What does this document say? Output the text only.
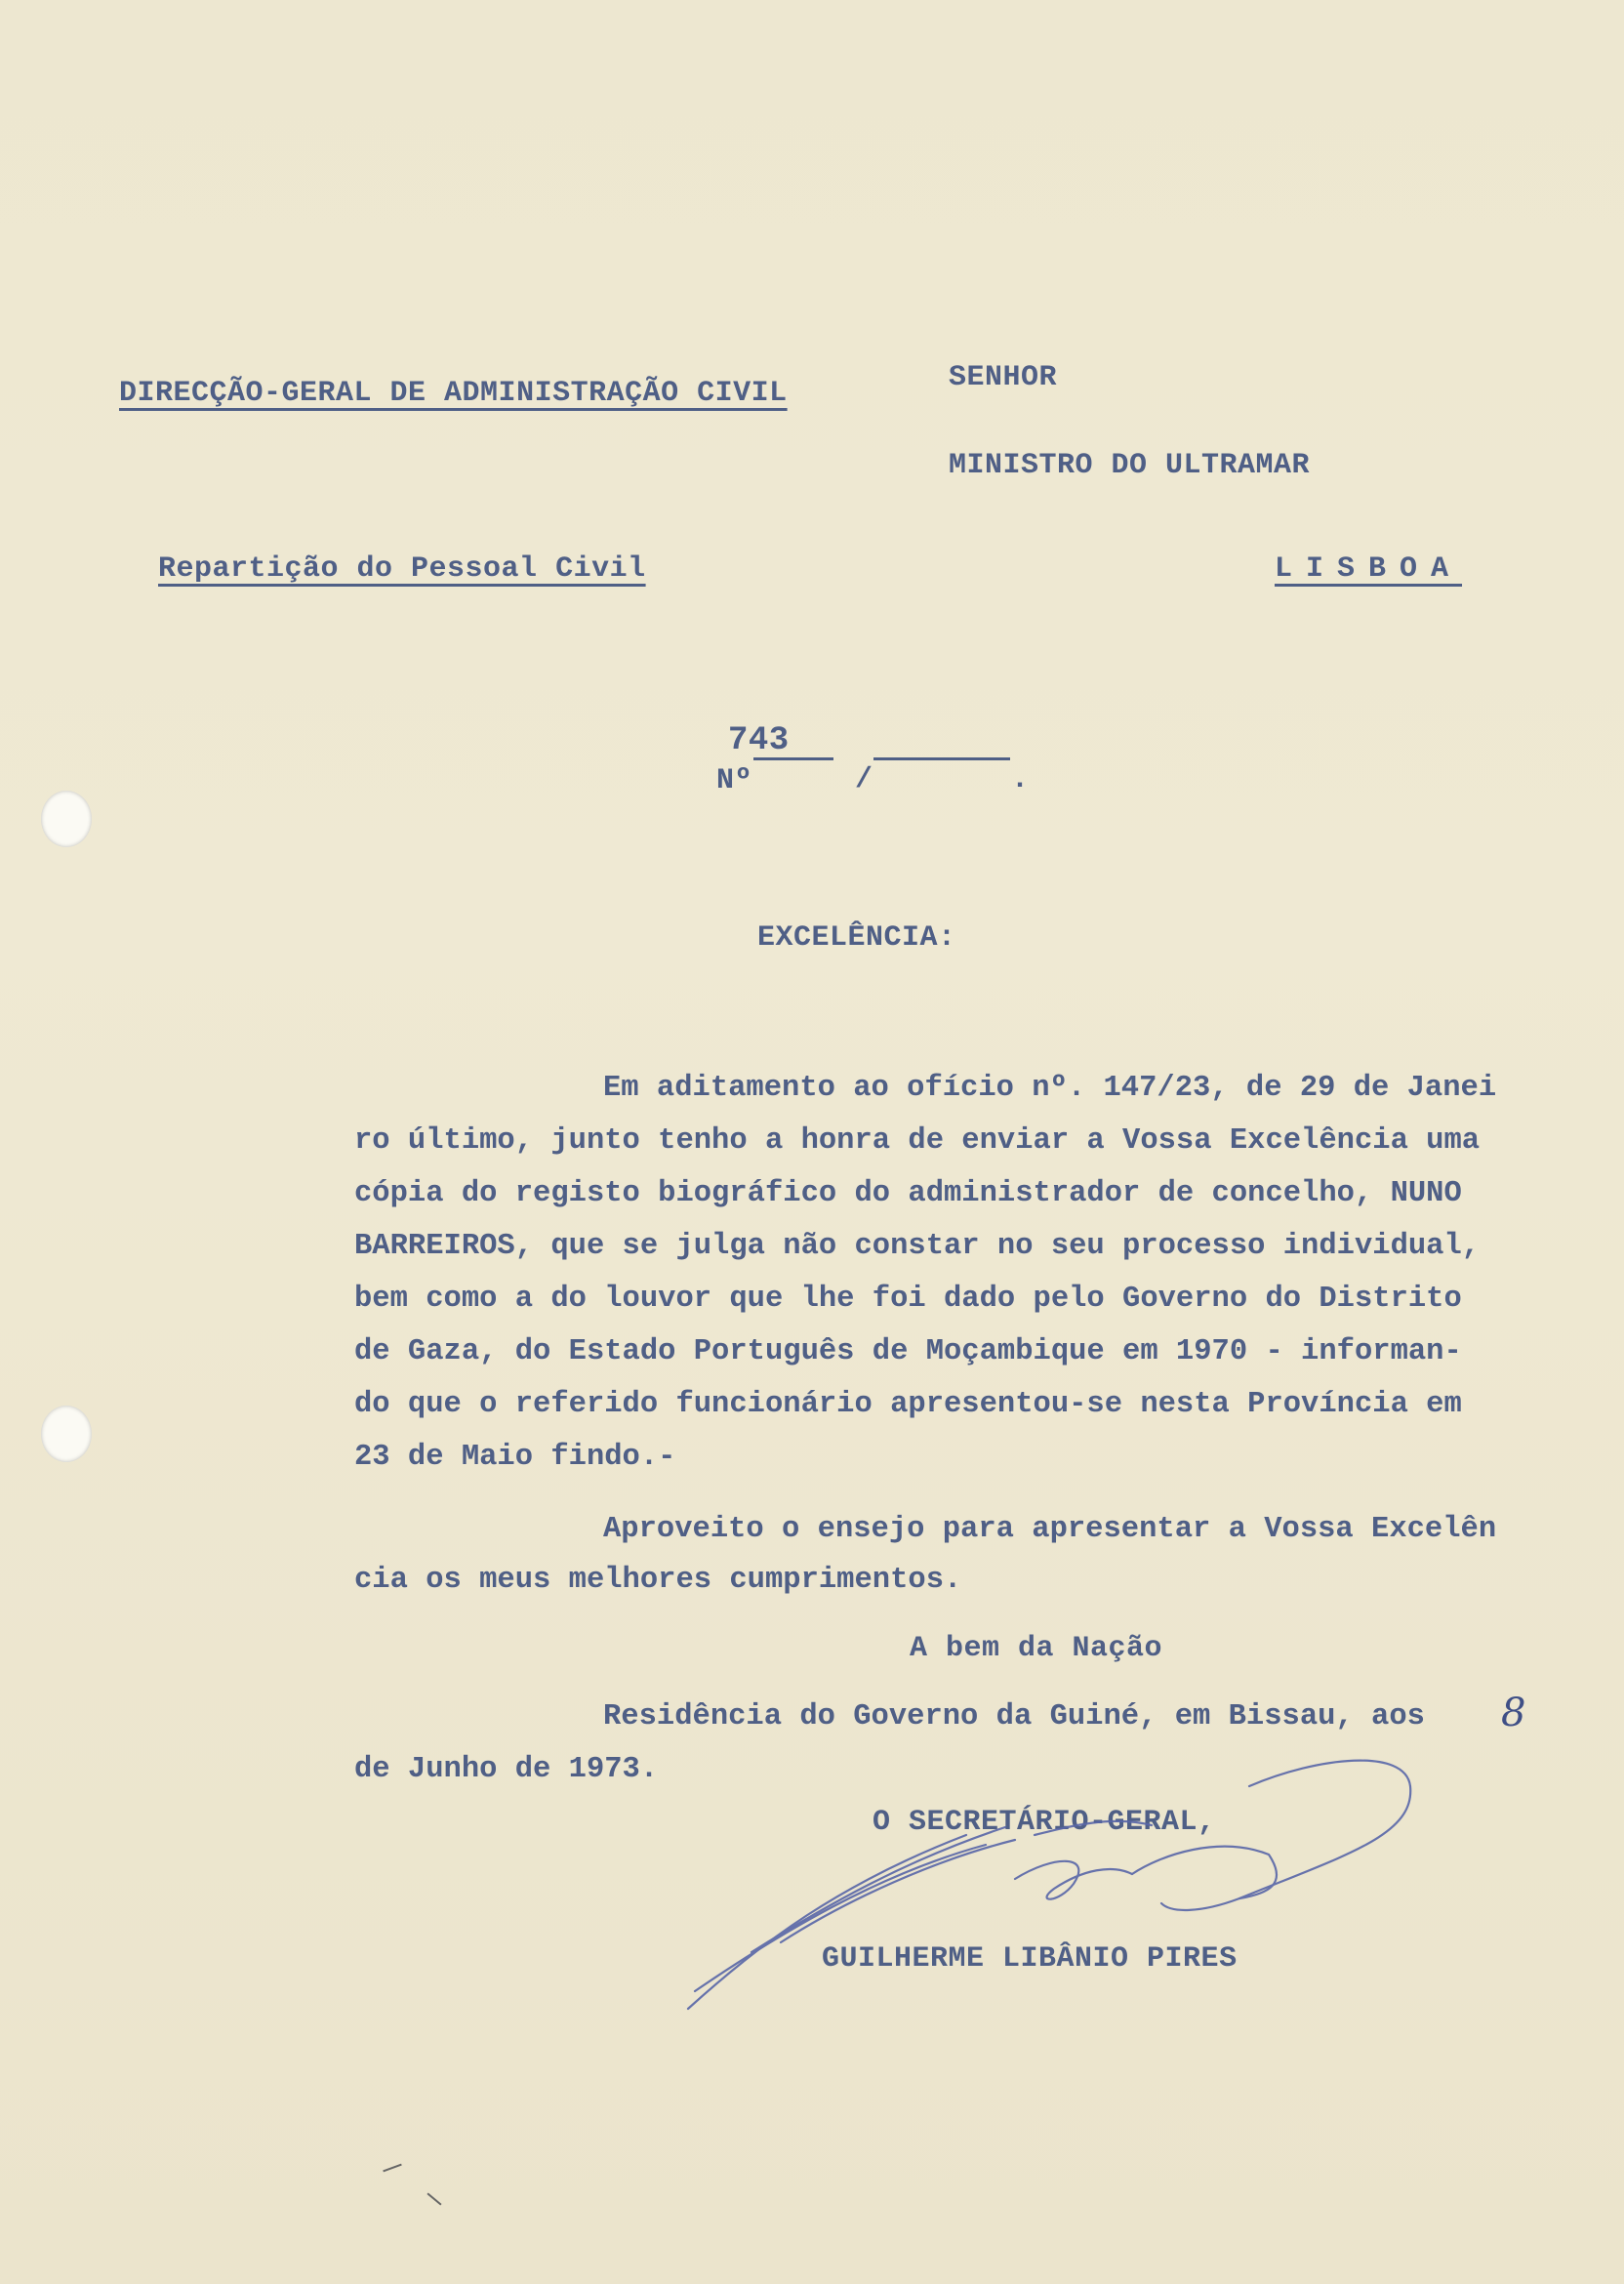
DIRECÇÃO-GERAL DE ADMINISTRAÇÃO CIVIL	SENHOR
MINISTRO DO ULTRAMAR
Repartição do Pessoal Civil	LISBOA
743
Nº	/	.
EXCELÊNCIA:
Em aditamento ao ofício nº. 147/23, de 29 de Janei
ro último, junto tenho a honra de enviar a Vossa Excelência uma
cópia do registo biográfico do administrador de concelho, NUNO
BARREIROS, que se julga não constar no seu processo individual,
bem como a do louvor que lhe foi dado pelo Governo do Distrito
de Gaza, do Estado Português de Moçambique em 1970 - informan-
do que o referido funcionário apresentou-se nesta Província em
23 de Maio findo.-
Aproveito o ensejo para apresentar a Vossa Excelên
cia os meus melhores cumprimentos.
A bem da Nação
Residência do Governo da Guiné, em Bissau, aos 8
de Junho de 1973.
O SECRETÁRIO-GERAL,
GUILHERME LIBÂNIO PIRES
